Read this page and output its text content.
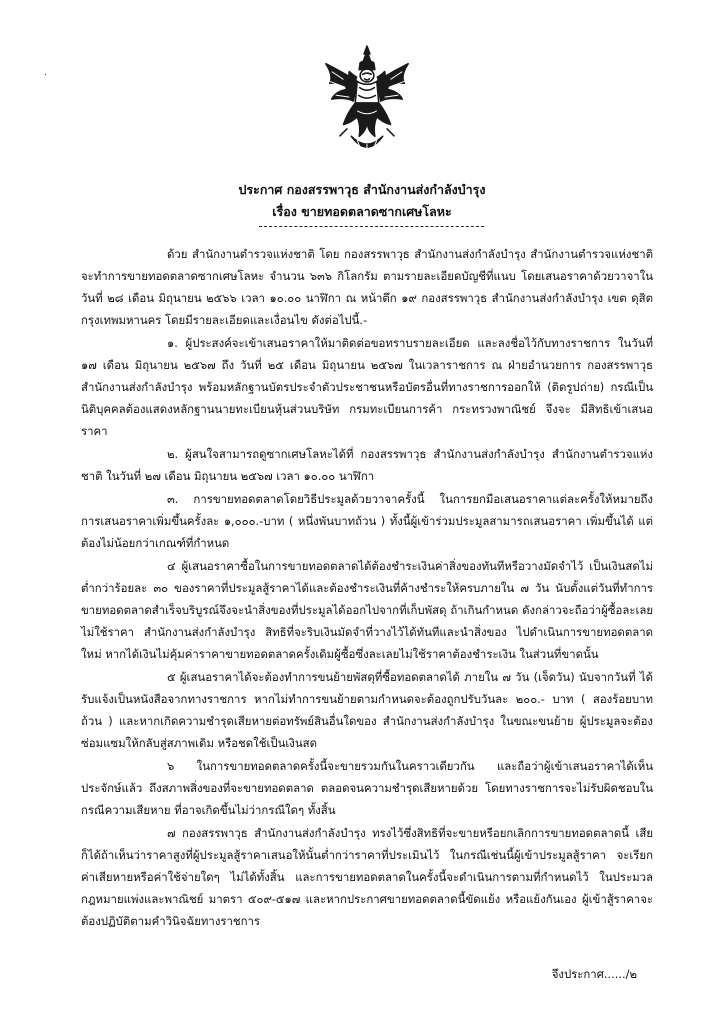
.
ประกาศ กองสรรพาวุธ สำนักงานส่งกำลังบำรุง
เรื่อง ขายทอดตลาดซากเศษโลหะ

ด้วย สำนักงานตำรวจแห่งชาติ โดย กองสรรพาวุธ สำนักงานส่งกำลังบำรุง สำนักงานตำรวจแห่งชาติ จะทำการขายทอดตลาดซากเศษโลหะ จำนวน ๖๓๖ กิโลกรัม ตามรายละเอียดบัญชีที่แนบ โดยเสนอราคาด้วยวาจาใน วันที่ ๒๘ เดือน มิถุนายน ๒๕๖๖ เวลา ๑๐.๐๐ นาฬิกา ณ หน้าตึก ๑๙ กองสรรพาวุธ สำนักงานส่งกำลังบำรุง เขต ดุสิต กรุงเทพมหานคร โดยมีรายละเอียดและเงื่อนไข ดังต่อไปนี้.-

๑. ผู้ประสงค์จะเข้าเสนอราคาให้มาติดต่อขอทราบรายละเอียด และลงชื่อไว้กับทางราชการ ในวันที่ ๑๗ เดือน มิถุนายน ๒๕๖๗ ถึง วันที่ ๒๕ เดือน มิถุนายน ๒๕๖๗ ในเวลาราชการ ณ ฝ่ายอำนวยการ กองสรรพาวุธ สำนักงานส่งกำลังบำรุง พร้อมหลักฐานบัตรประจำตัวประชาชนหรือบัตรอื่นที่ทางราชการออกให้ (ติดรูปถ่าย) กรณีเป็นนิติบุคคลต้องแสดงหลักฐานนายทะเบียนหุ้นส่วนบริษัท กรมทะเบียนการค้า กระทรวงพาณิชย์ จึงจะ มีสิทธิเข้าเสนอราคา

๒. ผู้สนใจสามารถดูซากเศษโลหะได้ที่ กองสรรพาวุธ สำนักงานส่งกำลังบำรุง สำนักงานตำรวจแห่งชาติ ในวันที่ ๒๗ เดือน มิถุนายน ๒๕๖๗ เวลา ๑๐.๐๐ นาฬิกา

๓. การขายทอดตลาดโดยวิธีประมูลด้วยวาจาครั้งนี้ ในการยกมือเสนอราคาแต่ละครั้งให้หมายถึง การเสนอราคาเพิ่มขึ้นครั้งละ ๑,๐๐๐.-บาท ( หนึ่งพันบาทถ้วน ) ทั้งนี้ผู้เข้าร่วมประมูลสามารถเสนอราคา เพิ่มขึ้นได้ แต่ต้องไม่น้อยกว่าเกณฑ์ที่กำหนด

๔ ผู้เสนอราคาซื้อในการขายทอดตลาดได้ต้องชำระเงินค่าสิ่งของทันทีหรือวางมัดจำไว้ เป็นเงินสดไม่ต่ำกว่าร้อยละ ๓๐ ของราคาที่ประมูลสู้ราคาได้และต้องชำระเงินที่ค้างชำระให้ครบภายใน ๗ วัน นับตั้งแต่วันที่ทำการขายทอดตลาดสำเร็จบริบูรณ์จึงจะนำสิ่งของที่ประมูลได้ออกไปจากที่เก็บพัสดุ ถ้าเกินกำหนด ดังกล่าวจะถือว่าผู้ซื้อละเลยไม่ใช้ราคา สำนักงานส่งกำลังบำรุง สิทธิที่จะริบเงินมัดจำที่วางไว้ได้ทันทีและนำสิ่งของ ไปดำเนินการขายทอดตลาดใหม่ หากได้เงินไม่คุ้มค่าราคาขายทอดตลาดครั้งเดิมผู้ซื้อซึ่งละเลยไม่ใช้ราคาต้องชำระเงิน ในส่วนที่ขาดนั้น

๕ ผู้เสนอราคาได้จะต้องทำการขนย้ายพัสดุที่ซื้อทอดตลาดได้ ภายใน ๗ วัน (เจ็ดวัน) นับจากวันที่ ได้รับแจ้งเป็นหนังสือจากทางราชการ หากไม่ทำการขนย้ายตามกำหนดจะต้องถูกปรับวันละ ๒๐๐.- บาท ( สองร้อยบาทถ้วน ) และหากเกิดความชำรุดเสียหายต่อทรัพย์สินอื่นใดของ สำนักงานส่งกำลังบำรุง ในขณะขนย้าย ผู้ประมูลจะต้องซ่อมแซมให้กลับสู่สภาพเดิม หรือชดใช้เป็นเงินสด

๖ ในการขายทอดตลาดครั้งนี้จะขายรวมกันในคราวเดียวกัน และถือว่าผู้เข้าเสนอราคาได้เห็นประจักษ์แล้ว ถึงสภาพสิ่งของที่จะขายทอดตลาด ตลอดจนความชำรุดเสียหายด้วย โดยทางราชการจะไม่รับผิดชอบในกรณีความเสียหาย ที่อาจเกิดขึ้นไม่ว่ากรณีใดๆ ทั้งสิ้น

๗ กองสรรพาวุธ สำนักงานส่งกำลังบำรุง ทรงไว้ซึ่งสิทธิที่จะขายหรือยกเลิกการขายทอดตลาดนี้ เสียก็ได้ถ้าเห็นว่าราคาสูงที่ผู้ประมูลสู้ราคาเสนอให้นั้นต่ำกว่าราคาที่ประเมินไว้ ในกรณีเช่นนี้ผู้เข้าประมูลสู้ราคา จะเรียกค่าเสียหายหรือค่าใช้จ่ายใดๆ ไม่ได้ทั้งสิ้น และการขายทอดตลาดในครั้งนี้จะดำเนินการตามที่กำหนดไว้ ในประมวลกฎหมายแพ่งและพาณิชย์ มาตรา ๕๐๙-๕๑๗ และหากประกาศขายทอดตลาดนี้ขัดแย้ง หรือแย้งกันเอง ผู้เข้าสู้ราคาจะต้องปฏิบัติตามคำวินิจฉัยทางราชการ

จึงประกาศ....../๒
